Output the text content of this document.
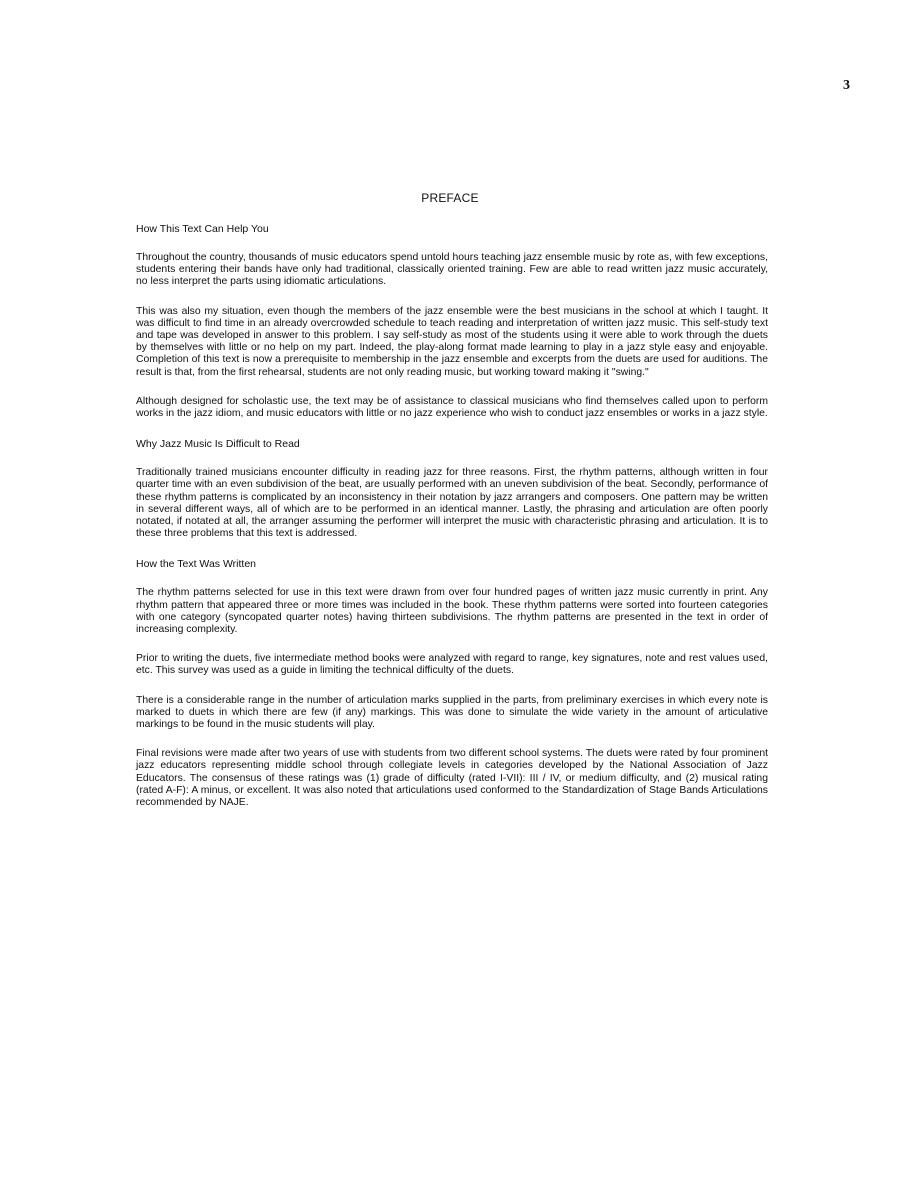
3
PREFACE
How This Text Can Help You

Throughout the country, thousands of music educators spend untold hours teaching jazz ensemble music by rote as, with few exceptions, students entering their bands have only had traditional, classically oriented training. Few are able to read written jazz music accurately, no less interpret the parts using idiomatic articulations.

This was also my situation, even though the members of the jazz ensemble were the best musicians in the school at which I taught. It was difficult to find time in an already overcrowded schedule to teach reading and interpretation of written jazz music. This self-study text and tape was developed in answer to this problem. I say self-study as most of the students using it were able to work through the duets by themselves with little or no help on my part. Indeed, the play-along format made learning to play in a jazz style easy and enjoyable. Completion of this text is now a prerequisite to membership in the jazz ensemble and excerpts from the duets are used for auditions. The result is that, from the first rehearsal, students are not only reading music, but working toward making it "swing."

Although designed for scholastic use, the text may be of assistance to classical musicians who find themselves called upon to perform works in the jazz idiom, and music educators with little or no jazz experience who wish to conduct jazz ensembles or works in a jazz style.

Why Jazz Music Is Difficult to Read

Traditionally trained musicians encounter difficulty in reading jazz for three reasons. First, the rhythm patterns, although written in four quarter time with an even subdivision of the beat, are usually performed with an uneven subdivision of the beat. Secondly, performance of these rhythm patterns is complicated by an inconsistency in their notation by jazz arrangers and composers. One pattern may be written in several different ways, all of which are to be performed in an identical manner. Lastly, the phrasing and articulation are often poorly notated, if notated at all, the arranger assuming the performer will interpret the music with characteristic phrasing and articulation. It is to these three problems that this text is addressed.

How the Text Was Written

The rhythm patterns selected for use in this text were drawn from over four hundred pages of written jazz music currently in print. Any rhythm pattern that appeared three or more times was included in the book. These rhythm patterns were sorted into fourteen categories with one category (syncopated quarter notes) having thirteen subdivisions. The rhythm patterns are presented in the text in order of increasing complexity.

Prior to writing the duets, five intermediate method books were analyzed with regard to range, key signatures, note and rest values used, etc. This survey was used as a guide in limiting the technical difficulty of the duets.

There is a considerable range in the number of articulation marks supplied in the parts, from preliminary exercises in which every note is marked to duets in which there are few (if any) markings. This was done to simulate the wide variety in the amount of articulative markings to be found in the music students will play.

Final revisions were made after two years of use with students from two different school systems. The duets were rated by four prominent jazz educators representing middle school through collegiate levels in categories developed by the National Association of Jazz Educators. The consensus of these ratings was (1) grade of difficulty (rated I-VII): III / IV, or medium difficulty, and (2) musical rating (rated A-F): A minus, or excellent. It was also noted that articulations used conformed to the Standardization of Stage Bands Articulations recommended by NAJE.
